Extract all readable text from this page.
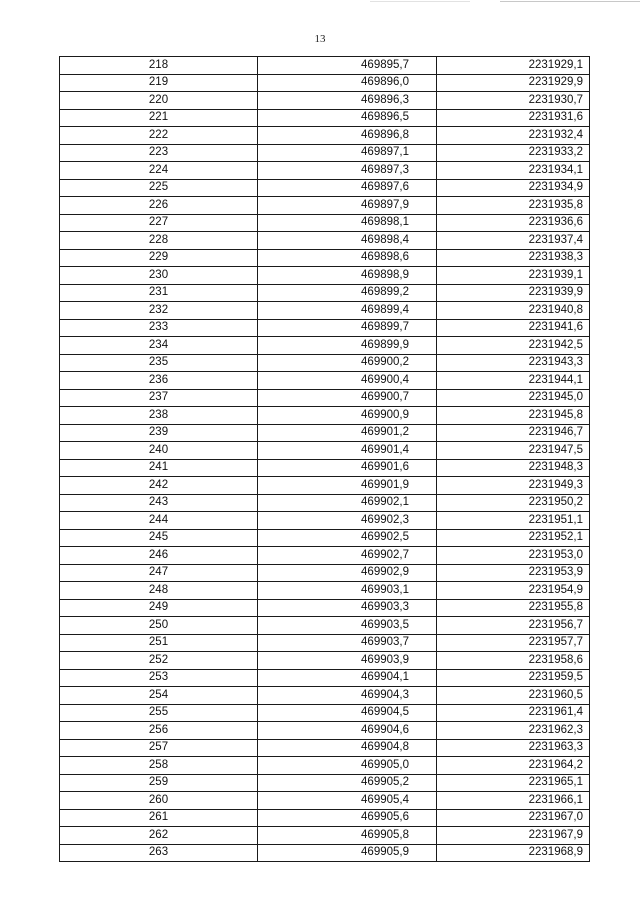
13
218	469895,7	2231929,1
219	469896,0	2231929,9
220	469896,3	2231930,7
221	469896,5	2231931,6
222	469896,8	2231932,4
223	469897,1	2231933,2
224	469897,3	2231934,1
225	469897,6	2231934,9
226	469897,9	2231935,8
227	469898,1	2231936,6
228	469898,4	2231937,4
229	469898,6	2231938,3
230	469898,9	2231939,1
231	469899,2	2231939,9
232	469899,4	2231940,8
233	469899,7	2231941,6
234	469899,9	2231942,5
235	469900,2	2231943,3
236	469900,4	2231944,1
237	469900,7	2231945,0
238	469900,9	2231945,8
239	469901,2	2231946,7
240	469901,4	2231947,5
241	469901,6	2231948,3
242	469901,9	2231949,3
243	469902,1	2231950,2
244	469902,3	2231951,1
245	469902,5	2231952,1
246	469902,7	2231953,0
247	469902,9	2231953,9
248	469903,1	2231954,9
249	469903,3	2231955,8
250	469903,5	2231956,7
251	469903,7	2231957,7
252	469903,9	2231958,6
253	469904,1	2231959,5
254	469904,3	2231960,5
255	469904,5	2231961,4
256	469904,6	2231962,3
257	469904,8	2231963,3
258	469905,0	2231964,2
259	469905,2	2231965,1
260	469905,4	2231966,1
261	469905,6	2231967,0
262	469905,8	2231967,9
263	469905,9	2231968,9
